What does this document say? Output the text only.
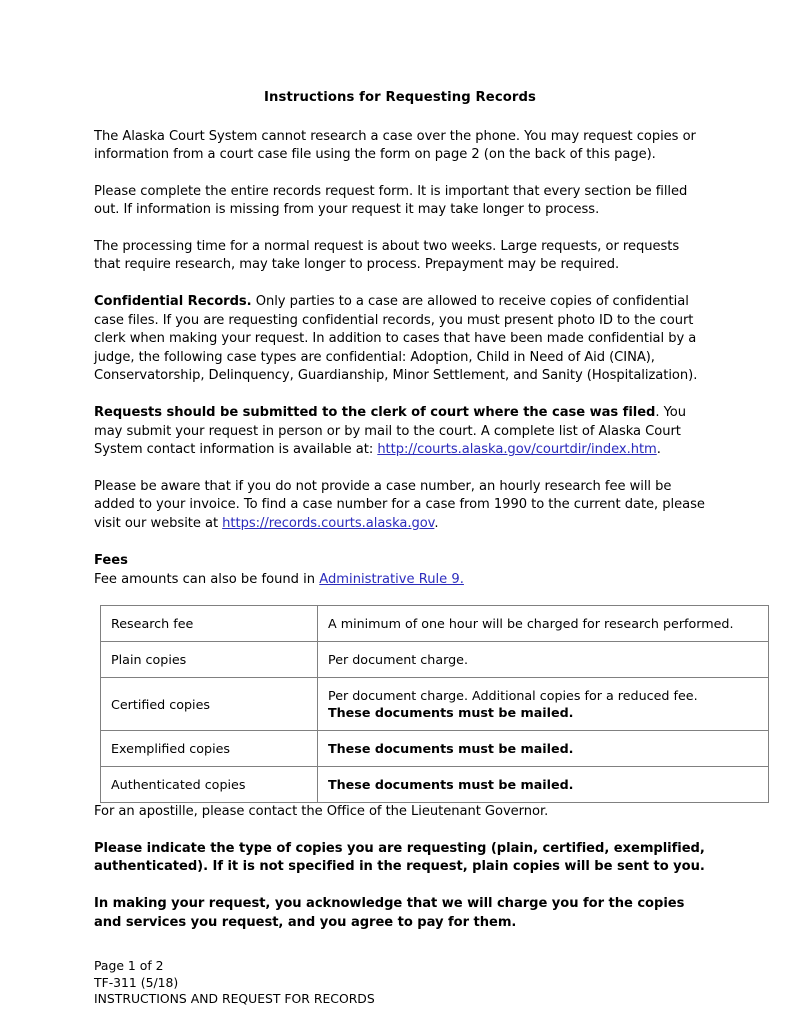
Instructions for Requesting Records

The Alaska Court System cannot research a case over the phone. You may request copies or information from a court case file using the form on page 2 (on the back of this page).

Please complete the entire records request form. It is important that every section be filled out. If information is missing from your request it may take longer to process.

The processing time for a normal request is about two weeks. Large requests, or requests that require research, may take longer to process. Prepayment may be required.

Confidential Records. Only parties to a case are allowed to receive copies of confidential case files. If you are requesting confidential records, you must present photo ID to the court clerk when making your request. In addition to cases that have been made confidential by a judge, the following case types are confidential: Adoption, Child in Need of Aid (CINA), Conservatorship, Delinquency, Guardianship, Minor Settlement, and Sanity (Hospitalization).

Requests should be submitted to the clerk of court where the case was filed. You may submit your request in person or by mail to the court. A complete list of Alaska Court System contact information is available at: http://courts.alaska.gov/courtdir/index.htm.

Please be aware that if you do not provide a case number, an hourly research fee will be added to your invoice. To find a case number for a case from 1990 to the current date, please visit our website at https://records.courts.alaska.gov.

Fees
Fee amounts can also be found in Administrative Rule 9.
Research fee	A minimum of one hour will be charged for research performed.
Plain copies	Per document charge.
Certified copies	Per document charge. Additional copies for a reduced fee.
These documents must be mailed.

Exemplified copies	These documents must be mailed.

Authenticated copies	These documents must be mailed.

For an apostille, please contact the Office of the Lieutenant Governor.

Please indicate the type of copies you are requesting (plain, certified, exemplified, authenticated). If it is not specified in the request, plain copies will be sent to you.

In making your request, you acknowledge that we will charge you for the copies and services you request, and you agree to pay for them.

Page 1 of 2
TF-311 (5/18)
INSTRUCTIONS AND REQUEST FOR RECORDS
